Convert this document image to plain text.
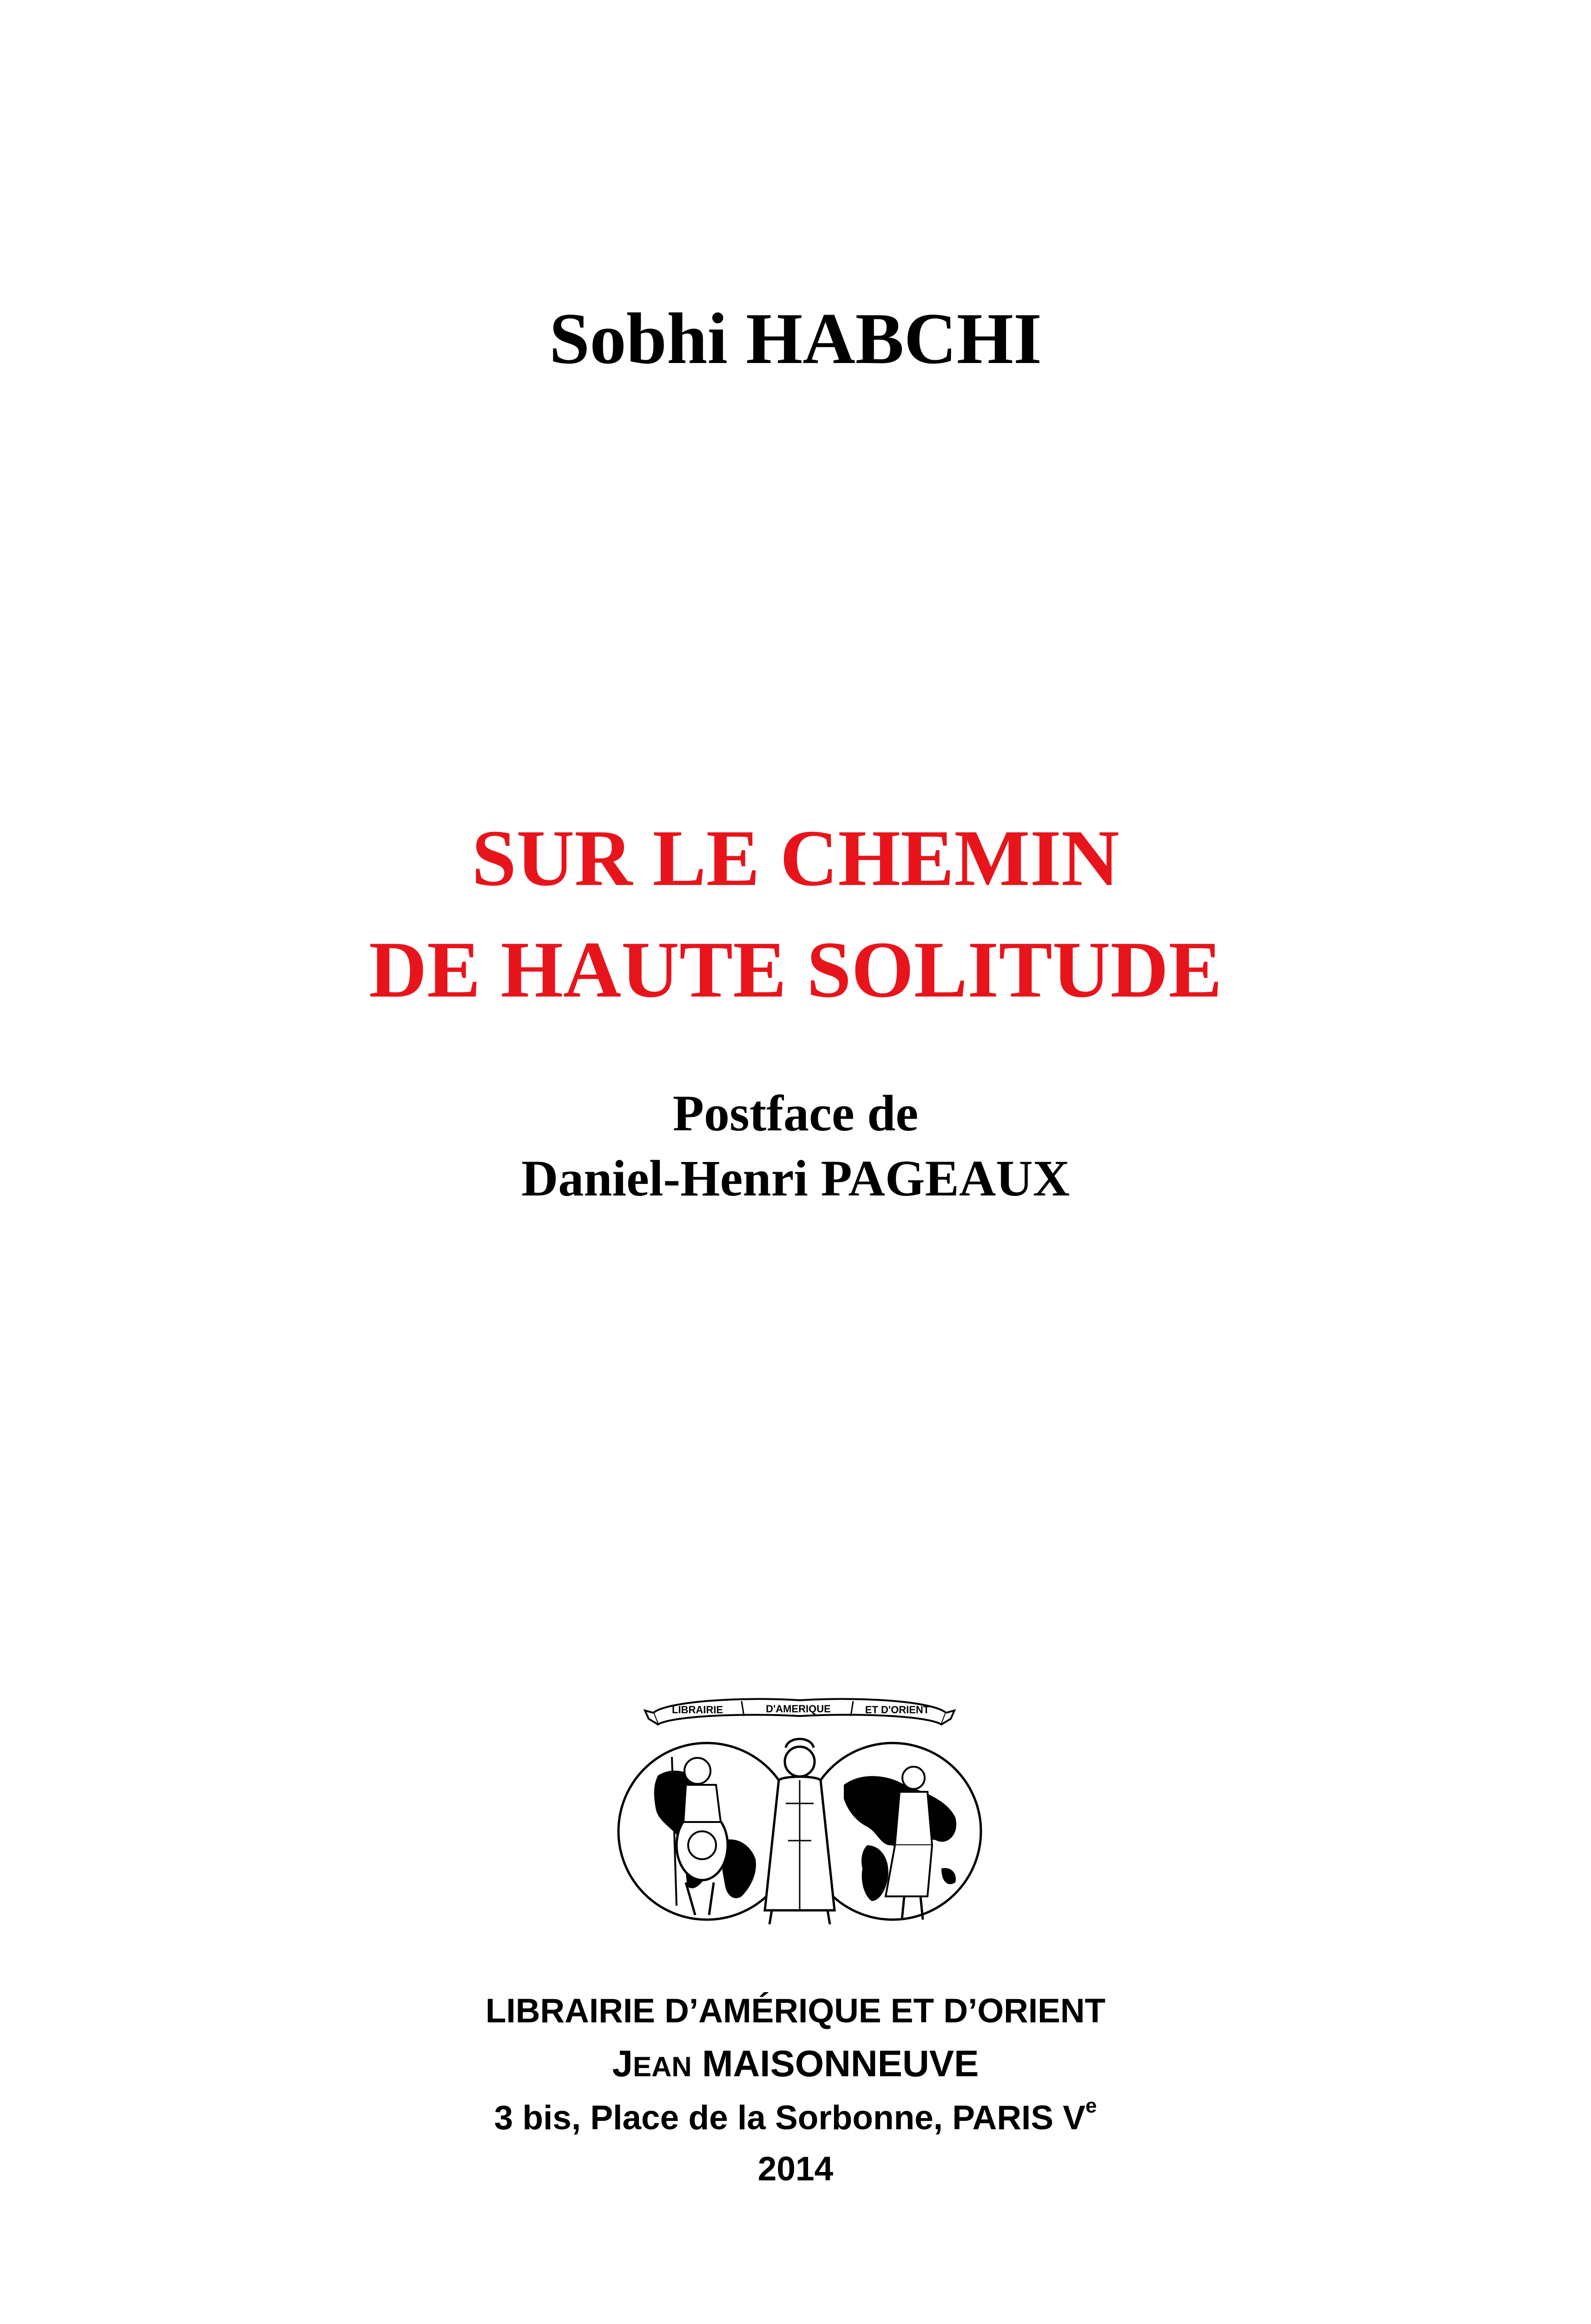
Sobhi HABCHI
SUR LE CHEMIN
DE HAUTE SOLITUDE
Postface de
Daniel-Henri PAGEAUX
LIBRAIRIE	D'AMERIQUE	ET D'ORIENT
LIBRAIRIE D’AMÉRIQUE ET D’ORIENT
JEAN MAISONNEUVE
3 bis, Place de la Sorbonne, PARIS Ve
2014
